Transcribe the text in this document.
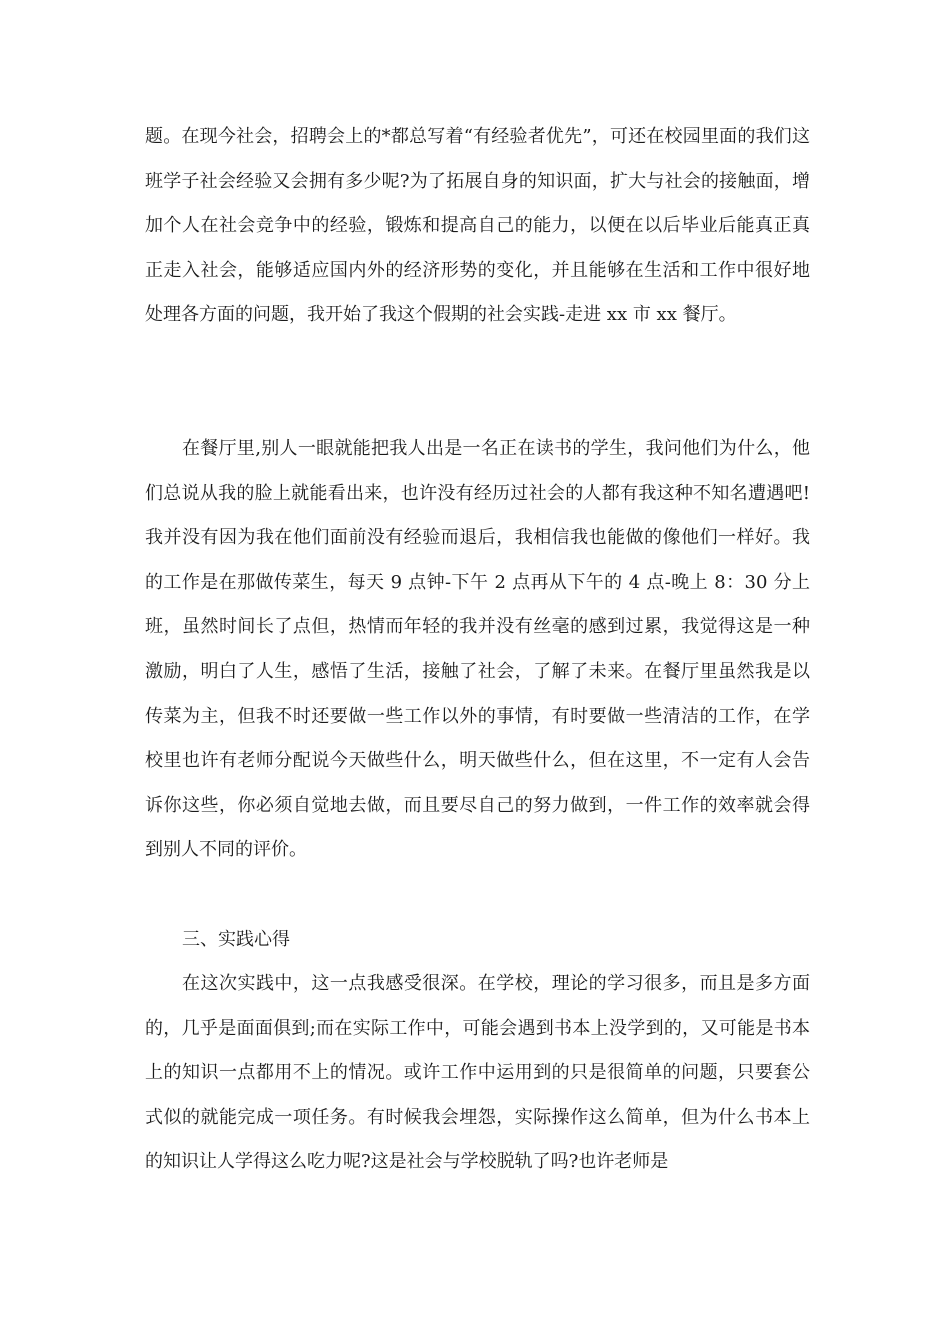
题。在现今社会，招聘会上的*都总写着“有经验者优先”，可还在校园里面的我们这班学子社会经验又会拥有多少呢?为了拓展自身的知识面，扩大与社会的接触面，增加个人在社会竞争中的经验，锻炼和提高自己的能力，以便在以后毕业后能真正真正走入社会，能够适应国内外的经济形势的变化，并且能够在生活和工作中很好地处理各方面的问题，我开始了我这个假期的社会实践-走进 xx 市 xx 餐厅。

在餐厅里,别人一眼就能把我人出是一名正在读书的学生，我问他们为什么，他们总说从我的脸上就能看出来，也许没有经历过社会的人都有我这种不知名遭遇吧!我并没有因为我在他们面前没有经验而退后，我相信我也能做的像他们一样好。我的工作是在那做传菜生，每天 9 点钟-下午 2 点再从下午的 4 点-晚上 8：30 分上班，虽然时间长了点但，热情而年轻的我并没有丝毫的感到过累，我觉得这是一种激励，明白了人生，感悟了生活，接触了社会，了解了未来。在餐厅里虽然我是以传菜为主，但我不时还要做一些工作以外的事情，有时要做一些清洁的工作，在学校里也许有老师分配说今天做些什么，明天做些什么，但在这里，不一定有人会告诉你这些，你必须自觉地去做，而且要尽自己的努力做到，一件工作的效率就会得到别人不同的评价。

三、实践心得

在这次实践中，这一点我感受很深。在学校，理论的学习很多，而且是多方面的，几乎是面面俱到;而在实际工作中，可能会遇到书本上没学到的，又可能是书本上的知识一点都用不上的情况。或许工作中运用到的只是很简单的问题，只要套公式似的就能完成一项任务。有时候我会埋怨，实际操作这么简单，但为什么书本上的知识让人学得这么吃力呢?这是社会与学校脱轨了吗?也许老师是
